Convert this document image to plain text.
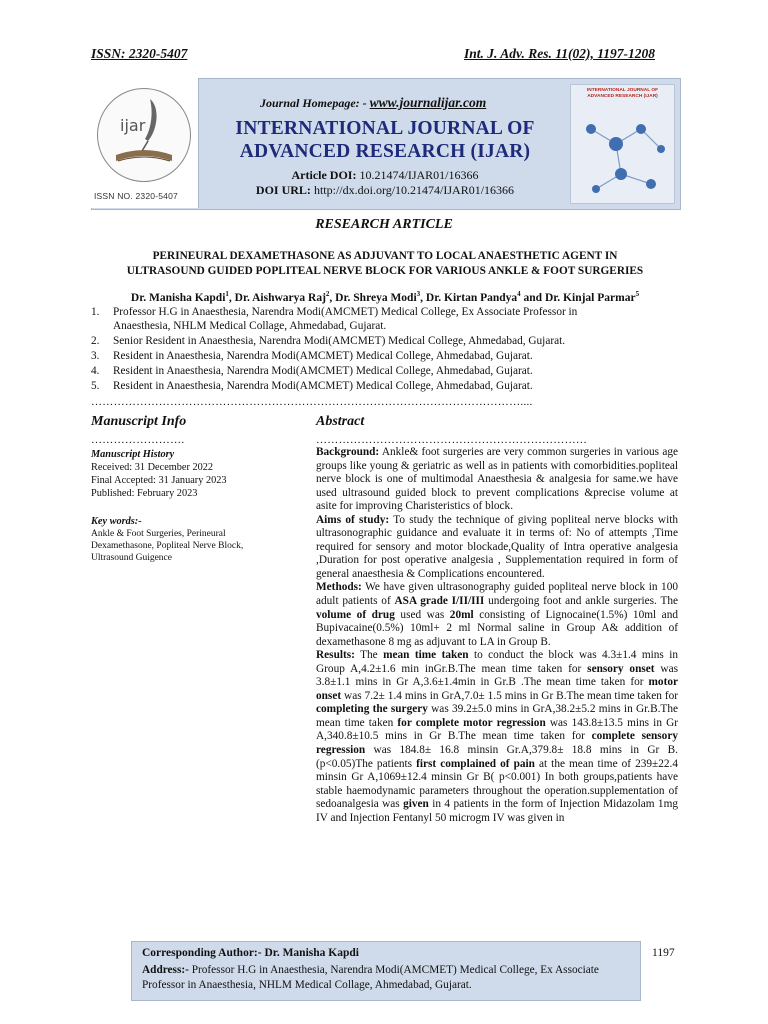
ISSN: 2320-5407	Int. J. Adv. Res. 11(02), 1197-1208
ijar
ISSN NO. 2320-5407
Journal Homepage: - www.journalijar.com
INTERNATIONAL JOURNAL OF
ADVANCED RESEARCH (IJAR)
Article DOI: 10.21474/IJAR01/16366
DOI URL: http://dx.doi.org/10.21474/IJAR01/16366
INTERNATIONAL JOURNAL OF ADVANCED RESEARCH (IJAR)
RESEARCH ARTICLE
PERINEURAL DEXAMETHASONE AS ADJUVANT TO LOCAL ANAESTHETIC AGENT IN
ULTRASOUND GUIDED POPLITEAL NERVE BLOCK FOR VARIOUS ANKLE & FOOT SURGERIES
Dr. Manisha Kapdi$^1$, Dr. Aishwarya Raj$^2$, Dr. Shreya Modi$^3$, Dr. Kirtan Pandya$^4$ and Dr. Kinjal Parmar$^5$
1. Professor H.G in Anaesthesia, Narendra Modi(AMCMET) Medical College, Ex Associate Professor in
Anaesthesia, NHLM Medical Collage, Ahmedabad, Gujarat.
2. Senior Resident in Anaesthesia, Narendra Modi(AMCMET) Medical College, Ahmedabad, Gujarat.
3. Resident in Anaesthesia, Narendra Modi(AMCMET) Medical College, Ahmedabad, Gujarat.
4. Resident in Anaesthesia, Narendra Modi(AMCMET) Medical College, Ahmedabad, Gujarat.
5. Resident in Anaesthesia, Narendra Modi(AMCMET) Medical College, Ahmedabad, Gujarat.
……………………………………………………………………………………………………....
Manuscript Info
…………………….
Manuscript History
Received: 31 December 2022
Final Accepted: 31 January 2023
Published: February 2023
Key words:-
Ankle & Foot Surgeries, Perineural
Dexamethasone, Popliteal Nerve Block,
Ultrasound Guigence
Abstract
………………………………………………………………

Background: Ankle& foot surgeries are very common surgeries in various age groups like young & geriatric as well as in patients with comorbidities.popliteal nerve block is one of multimodal Anaesthesia & analgesia for same.we have used ultrasound guided block to prevent complications &precise volume at asite for improving Charisteristics of block.

Aims of study: To study the technique of giving popliteal nerve blocks with ultrasonographic guidance and evaluate it in terms of: No of attempts ,Time required for sensory and motor blockade,Quality of Intra operative analgesia ,Duration for post operative analgesia , Supplementation required in form of general anaesthesia & Complications encountered.

Methods: We have given ultrasonography guided popliteal nerve block in 100 adult patients of ASA grade I/II/III undergoing foot and ankle surgeries. The volume of drug used was 20ml consisting of Lignocaine(1.5%) 10ml and Bupivacaine(0.5%) 10ml+ 2 ml Normal saline in Group A& addition of dexamethasone 8 mg as adjuvant to LA in Group B.

Results: The mean time taken to conduct the block was 4.3±1.4 mins in Group A,4.2±1.6 min inGr.B.The mean time taken for sensory onset was 3.8±1.1 mins in Gr A,3.6±1.4min in Gr.B .The mean time taken for motor onset was 7.2± 1.4 mins in GrA,7.0± 1.5 mins in Gr B.The mean time taken for completing the surgery was 39.2±5.0 mins in GrA,38.2±5.2 mins in Gr.B.The mean time taken for complete motor regression was 143.8±13.5 mins in Gr A,340.8±10.5 mins in Gr B.The mean time taken for complete sensory regression was 184.8± 16.8 minsin Gr.A,379.8± 18.8 mins in Gr B.(p<0.05)The patients first complained of pain at the mean time of 239±22.4 minsin Gr A,1069±12.4 minsin Gr B( p<0.001) In both groups,patients have stable haemodynamic parameters throughout the operation.supplementation of sedoanalgesia was given in 4 patients in the form of Injection Midazolam 1mg IV and Injection Fentanyl 50 microgm IV was given in

Corresponding Author:- Dr. Manisha Kapdi
Address:- Professor H.G in Anaesthesia, Narendra Modi(AMCMET) Medical College, Ex Associate Professor in Anaesthesia, NHLM Medical Collage, Ahmedabad, Gujarat.
1197
